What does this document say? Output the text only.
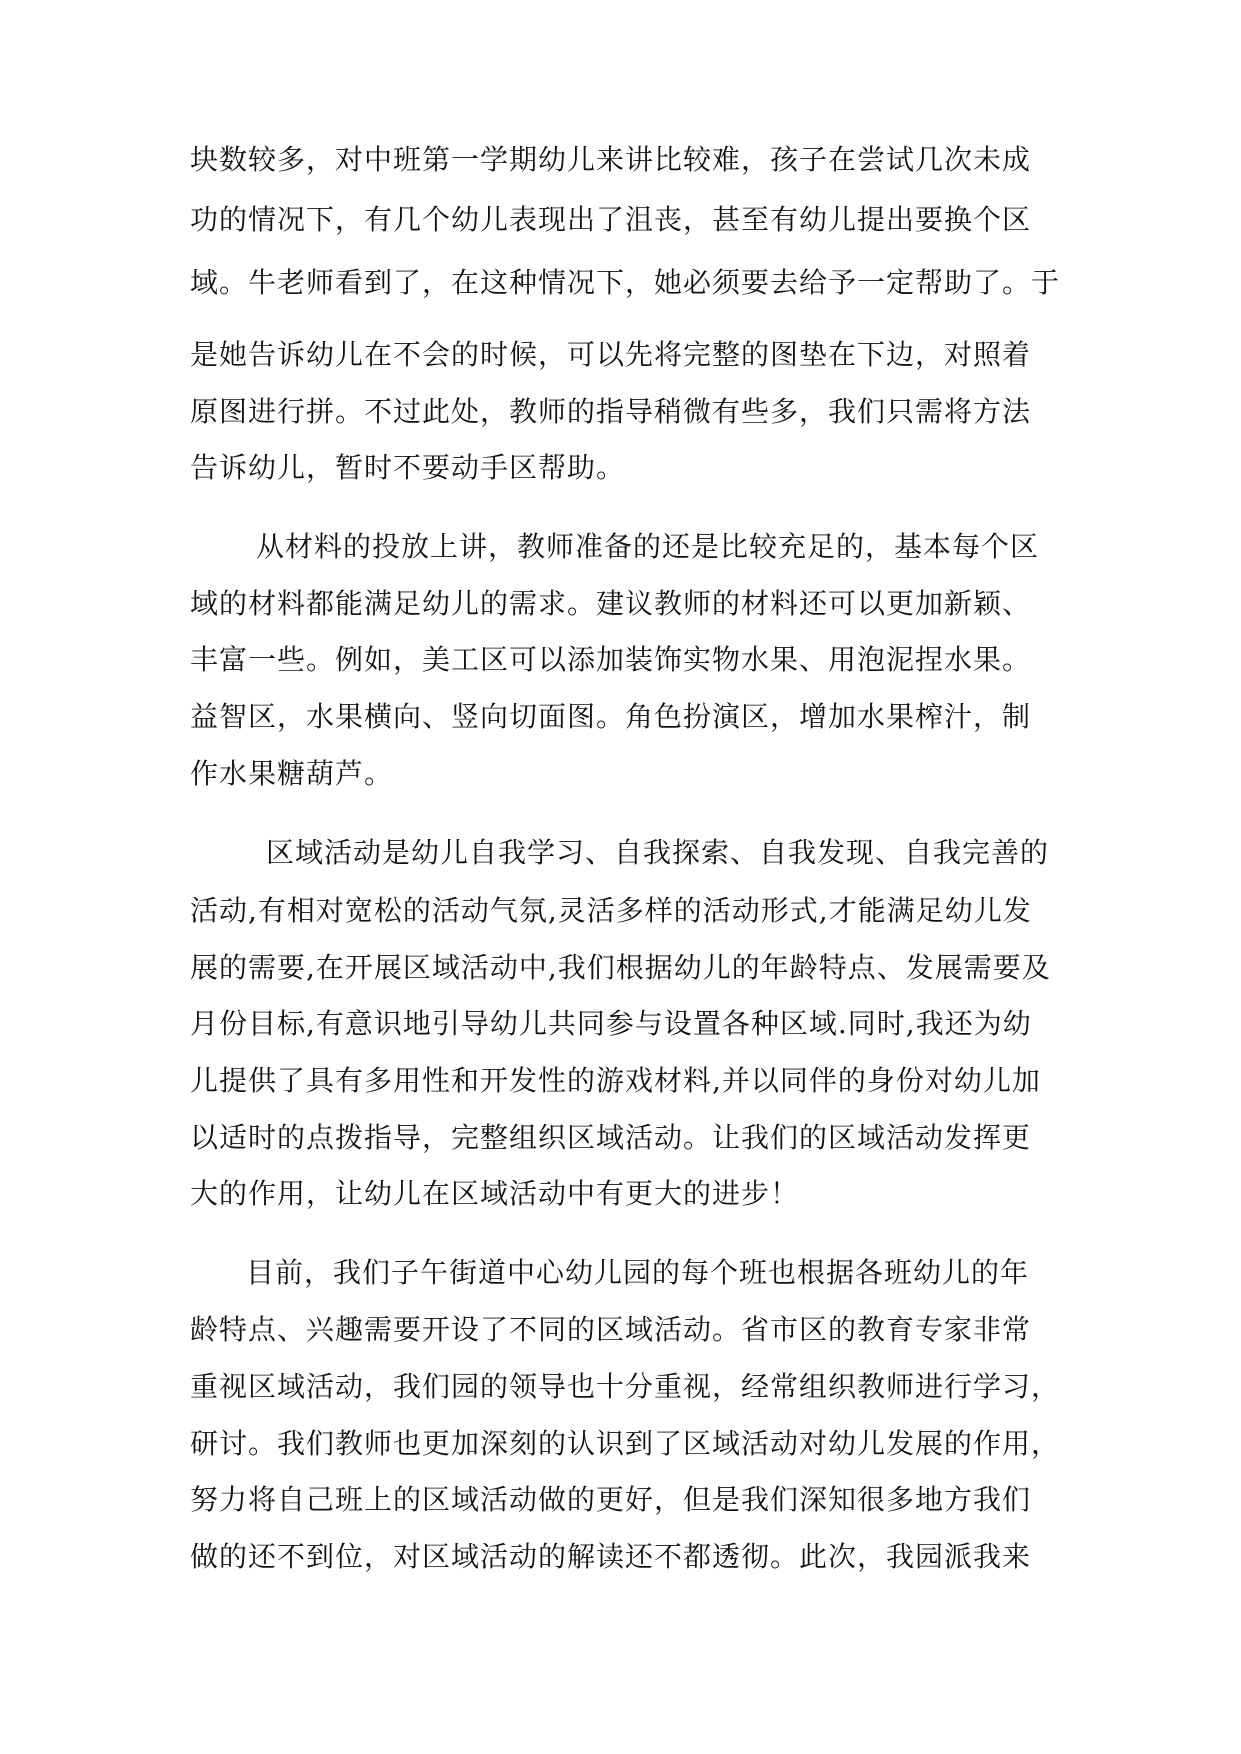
块数较多，对中班第一学期幼儿来讲比较难，孩子在尝试几次未成
功的情况下，有几个幼儿表现出了沮丧，甚至有幼儿提出要换个区
域。牛老师看到了，在这种情况下，她必须要去给予一定帮助了。于
是她告诉幼儿在不会的时候，可以先将完整的图垫在下边，对照着
原图进行拼。不过此处，教师的指导稍微有些多，我们只需将方法
告诉幼儿，暂时不要动手区帮助。
从材料的投放上讲，教师准备的还是比较充足的，基本每个区
域的材料都能满足幼儿的需求。建议教师的材料还可以更加新颖、
丰富一些。例如，美工区可以添加装饰实物水果、用泡泥捏水果。
益智区，水果横向、竖向切面图。角色扮演区，增加水果榨汁，制
作水果糖葫芦。
区域活动是幼儿自我学习、自我探索、自我发现、自我完善的
活动,有相对宽松的活动气氛,灵活多样的活动形式,才能满足幼儿发
展的需要,在开展区域活动中,我们根据幼儿的年龄特点、发展需要及
月份目标,有意识地引导幼儿共同参与设置各种区域.同时,我还为幼
儿提供了具有多用性和开发性的游戏材料,并以同伴的身份对幼儿加
以适时的点拨指导，完整组织区域活动。让我们的区域活动发挥更
大的作用，让幼儿在区域活动中有更大的进步！
目前，我们子午街道中心幼儿园的每个班也根据各班幼儿的年
龄特点、兴趣需要开设了不同的区域活动。省市区的教育专家非常
重视区域活动，我们园的领导也十分重视，经常组织教师进行学习，
研讨。我们教师也更加深刻的认识到了区域活动对幼儿发展的作用，
努力将自己班上的区域活动做的更好，但是我们深知很多地方我们
做的还不到位，对区域活动的解读还不都透彻。此次，我园派我来
